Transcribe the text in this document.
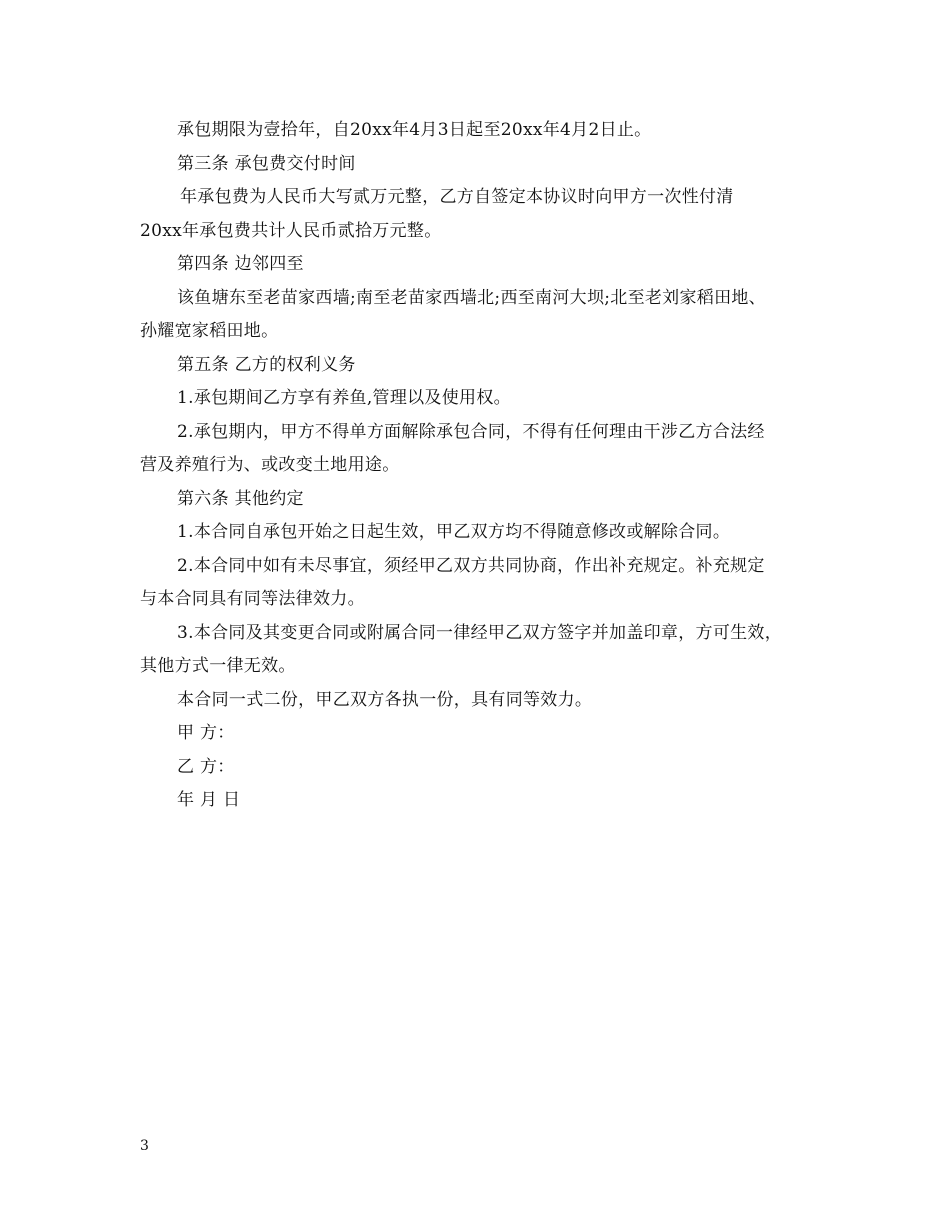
承包期限为壹拾年，自20xx年4月3日起至20xx年4月2日止。
第三条 承包费交付时间
年承包费为人民币大写贰万元整，乙方自签定本协议时向甲方一次性付清
20xx年承包费共计人民币贰拾万元整。
第四条 边邻四至
该鱼塘东至老苗家西墙;南至老苗家西墙北;西至南河大坝;北至老刘家稻田地、
孙耀宽家稻田地。
第五条 乙方的权利义务
1.承包期间乙方享有养鱼,管理以及使用权。
2.承包期内，甲方不得单方面解除承包合同，不得有任何理由干涉乙方合法经
营及养殖行为、或改变土地用途。
第六条 其他约定
1.本合同自承包开始之日起生效，甲乙双方均不得随意修改或解除合同。
2.本合同中如有未尽事宜，须经甲乙双方共同协商，作出补充规定。补充规定
与本合同具有同等法律效力。
3.本合同及其变更合同或附属合同一律经甲乙双方签字并加盖印章，方可生效，
其他方式一律无效。
本合同一式二份，甲乙双方各执一份，具有同等效力。
甲 方：
乙 方：
年 月 日
3
